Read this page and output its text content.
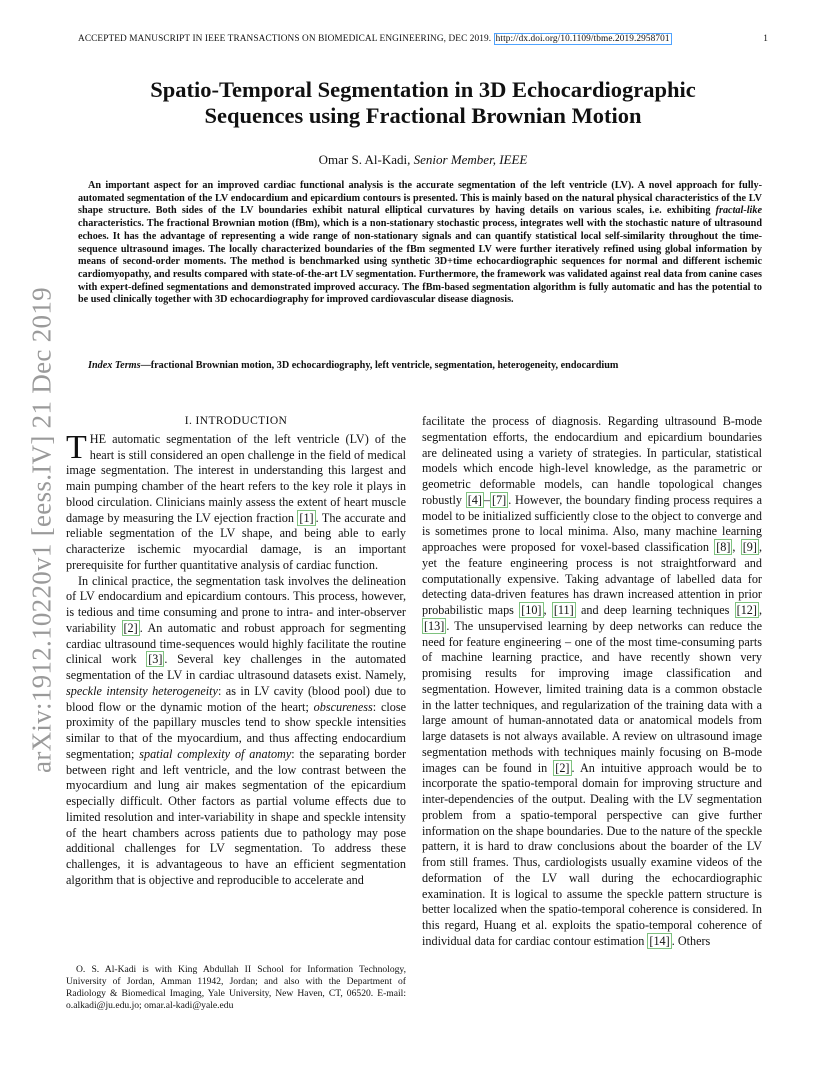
ACCEPTED MANUSCRIPT IN IEEE TRANSACTIONS ON BIOMEDICAL ENGINEERING, DEC 2019. http://dx.doi.org/10.1109/tbme.2019.2958701	1
arXiv:1912.10220v1 [eess.IV] 21 Dec 2019
Spatio-Temporal Segmentation in 3D Echocardiographic
Sequences using Fractional Brownian Motion
Omar S. Al-Kadi, Senior Member, IEEE
An important aspect for an improved cardiac functional analysis is the accurate segmentation of the left ventricle (LV). A novel approach for fully-automated segmentation of the LV endocardium and epicardium contours is presented. This is mainly based on the natural physical characteristics of the LV shape structure. Both sides of the LV boundaries exhibit natural elliptical curvatures by having details on various scales, i.e. exhibiting fractal-like characteristics. The fractional Brownian motion (fBm), which is a non-stationary stochastic process, integrates well with the stochastic nature of ultrasound echoes. It has the advantage of representing a wide range of non-stationary signals and can quantify statistical local self-similarity throughout the time-sequence ultrasound images. The locally characterized boundaries of the fBm segmented LV were further iteratively refined using global information by means of second-order moments. The method is benchmarked using synthetic 3D+time echocardiographic sequences for normal and different ischemic cardiomyopathy, and results compared with state-of-the-art LV segmentation. Furthermore, the framework was validated against real data from canine cases with expert-defined segmentations and demonstrated improved accuracy. The fBm-based segmentation algorithm is fully automatic and has the potential to be used clinically together with 3D echocardiography for improved cardiovascular disease diagnosis.
Index Terms—fractional Brownian motion, 3D echocardiography, left ventricle, segmentation, heterogeneity, endocardium
I. INTRODUCTION

THE automatic segmentation of the left ventricle (LV) of the heart is still considered an open challenge in the field of medical image segmentation. The interest in understanding this largest and main pumping chamber of the heart refers to the key role it plays in blood circulation. Clinicians mainly assess the extent of heart muscle damage by measuring the LV ejection fraction [1] . The accurate and reliable segmentation of the LV shape, and being able to early characterize ischemic myocardial damage, is an important prerequisite for further quantitative analysis of cardiac function.

In clinical practice, the segmentation task involves the delineation of LV endocardium and epicardium contours. This process, however, is tedious and time consuming and prone to intra- and inter-observer variability [2] . An automatic and robust approach for segmenting cardiac ultrasound time-sequences would highly facilitate the routine clinical work [3] . Several key challenges in the automated segmentation of the LV in cardiac ultrasound datasets exist. Namely, speckle intensity heterogeneity: as in LV cavity (blood pool) due to blood flow or the dynamic motion of the heart; obscureness: close proximity of the papillary muscles tend to show speckle intensities similar to that of the myocardium, and thus affecting endocardium segmentation; spatial complexity of anatomy: the separating border between right and left ventricle, and the low contrast between the myocardium and lung air makes segmentation of the epicardium especially difficult. Other factors as partial volume effects due to limited resolution and inter-variability in shape and speckle intensity of the heart chambers across patients due to pathology may pose additional challenges for LV segmentation. To address these challenges, it is advantageous to have an efficient segmentation algorithm that is objective and reproducible to accelerate and

O. S. Al-Kadi is with King Abdullah II School for Information Technology, University of Jordan, Amman 11942, Jordan; and also with the Department of Radiology & Biomedical Imaging, Yale University, New Haven, CT, 06520. E-mail: o.alkadi@ju.edu.jo; omar.al-kadi@yale.edu

facilitate the process of diagnosis. Regarding ultrasound B-mode segmentation efforts, the endocardium and epicardium boundaries are delineated using a variety of strategies. In particular, statistical models which encode high-level knowledge, as the parametric or geometric deformable models, can handle topological changes robustly [4] – [7] . However, the boundary finding process requires a model to be initialized sufficiently close to the object to converge and is sometimes prone to local minima. Also, many machine learning approaches were proposed for voxel-based classification [8] , [9] , yet the feature engineering process is not straightforward and computationally expensive. Taking advantage of labelled data for detecting data-driven features has drawn increased attention in prior probabilistic maps [10] , [11] and deep learning techniques [12] , [13] . The unsupervised learning by deep networks can reduce the need for feature engineering – one of the most time-consuming parts of machine learning practice, and have recently shown very promising results for improving image classification and segmentation. However, limited training data is a common obstacle in the latter techniques, and regularization of the training data with a large amount of human-annotated data or anatomical models from large datasets is not always available. A review on ultrasound image segmentation methods with techniques mainly focusing on B-mode images can be found in [2] . An intuitive approach would be to incorporate the spatio-temporal domain for improving structure and inter-dependencies of the output. Dealing with the LV segmentation problem from a spatio-temporal perspective can give further information on the shape boundaries. Due to the nature of the speckle pattern, it is hard to draw conclusions about the boarder of the LV from still frames. Thus, cardiologists usually examine videos of the deformation of the LV wall during the echocardiographic examination. It is logical to assume the speckle pattern structure is better localized when the spatio-temporal coherence is considered. In this regard, Huang et al. exploits the spatio-temporal coherence of individual data for cardiac contour estimation [14] . Others
